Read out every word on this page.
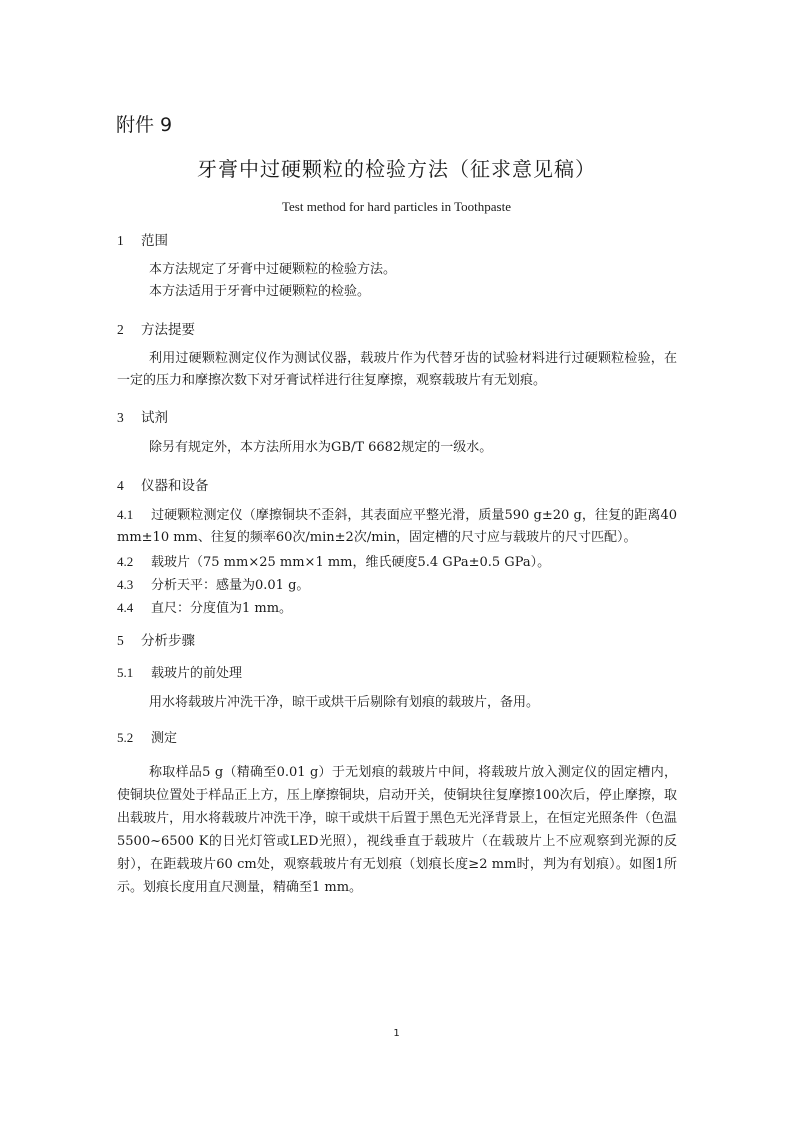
附件 9
牙膏中过硬颗粒的检验方法（征求意见稿）
Test method for hard particles in Toothpaste
1 范围
本方法规定了牙膏中过硬颗粒的检验方法。
本方法适用于牙膏中过硬颗粒的检验。
2 方法提要
利用过硬颗粒测定仪作为测试仪器，载玻片作为代替牙齿的试验材料进行过硬颗粒检验，在一定的压力和摩擦次数下对牙膏试样进行往复摩擦，观察载玻片有无划痕。
3 试剂
除另有规定外，本方法所用水为GB/T 6682规定的一级水。
4 仪器和设备
4.1 过硬颗粒测定仪（摩擦铜块不歪斜，其表面应平整光滑，质量590 g±20 g，往复的距离40 mm±10 mm、往复的频率60次/min±2次/min，固定槽的尺寸应与载玻片的尺寸匹配）。
4.2 载玻片（75 mm×25 mm×1 mm，维氏硬度5.4 GPa±0.5 GPa）。
4.3 分析天平：感量为0.01 g。
4.4 直尺：分度值为1 mm。
5 分析步骤
5.1 载玻片的前处理
用水将载玻片冲洗干净，晾干或烘干后剔除有划痕的载玻片，备用。
5.2 测定
称取样品5 g（精确至0.01 g）于无划痕的载玻片中间，将载玻片放入测定仪的固定槽内，使铜块位置处于样品正上方，压上摩擦铜块，启动开关，使铜块往复摩擦100次后，停止摩擦，取出载玻片，用水将载玻片冲洗干净，晾干或烘干后置于黑色无光泽背景上，在恒定光照条件（色温5500~6500 K的日光灯管或LED光照），视线垂直于载玻片（在载玻片上不应观察到光源的反射），在距载玻片60 cm处，观察载玻片有无划痕（划痕长度≥2 mm时，判为有划痕）。如图1所示。划痕长度用直尺测量，精确至1 mm。
1
